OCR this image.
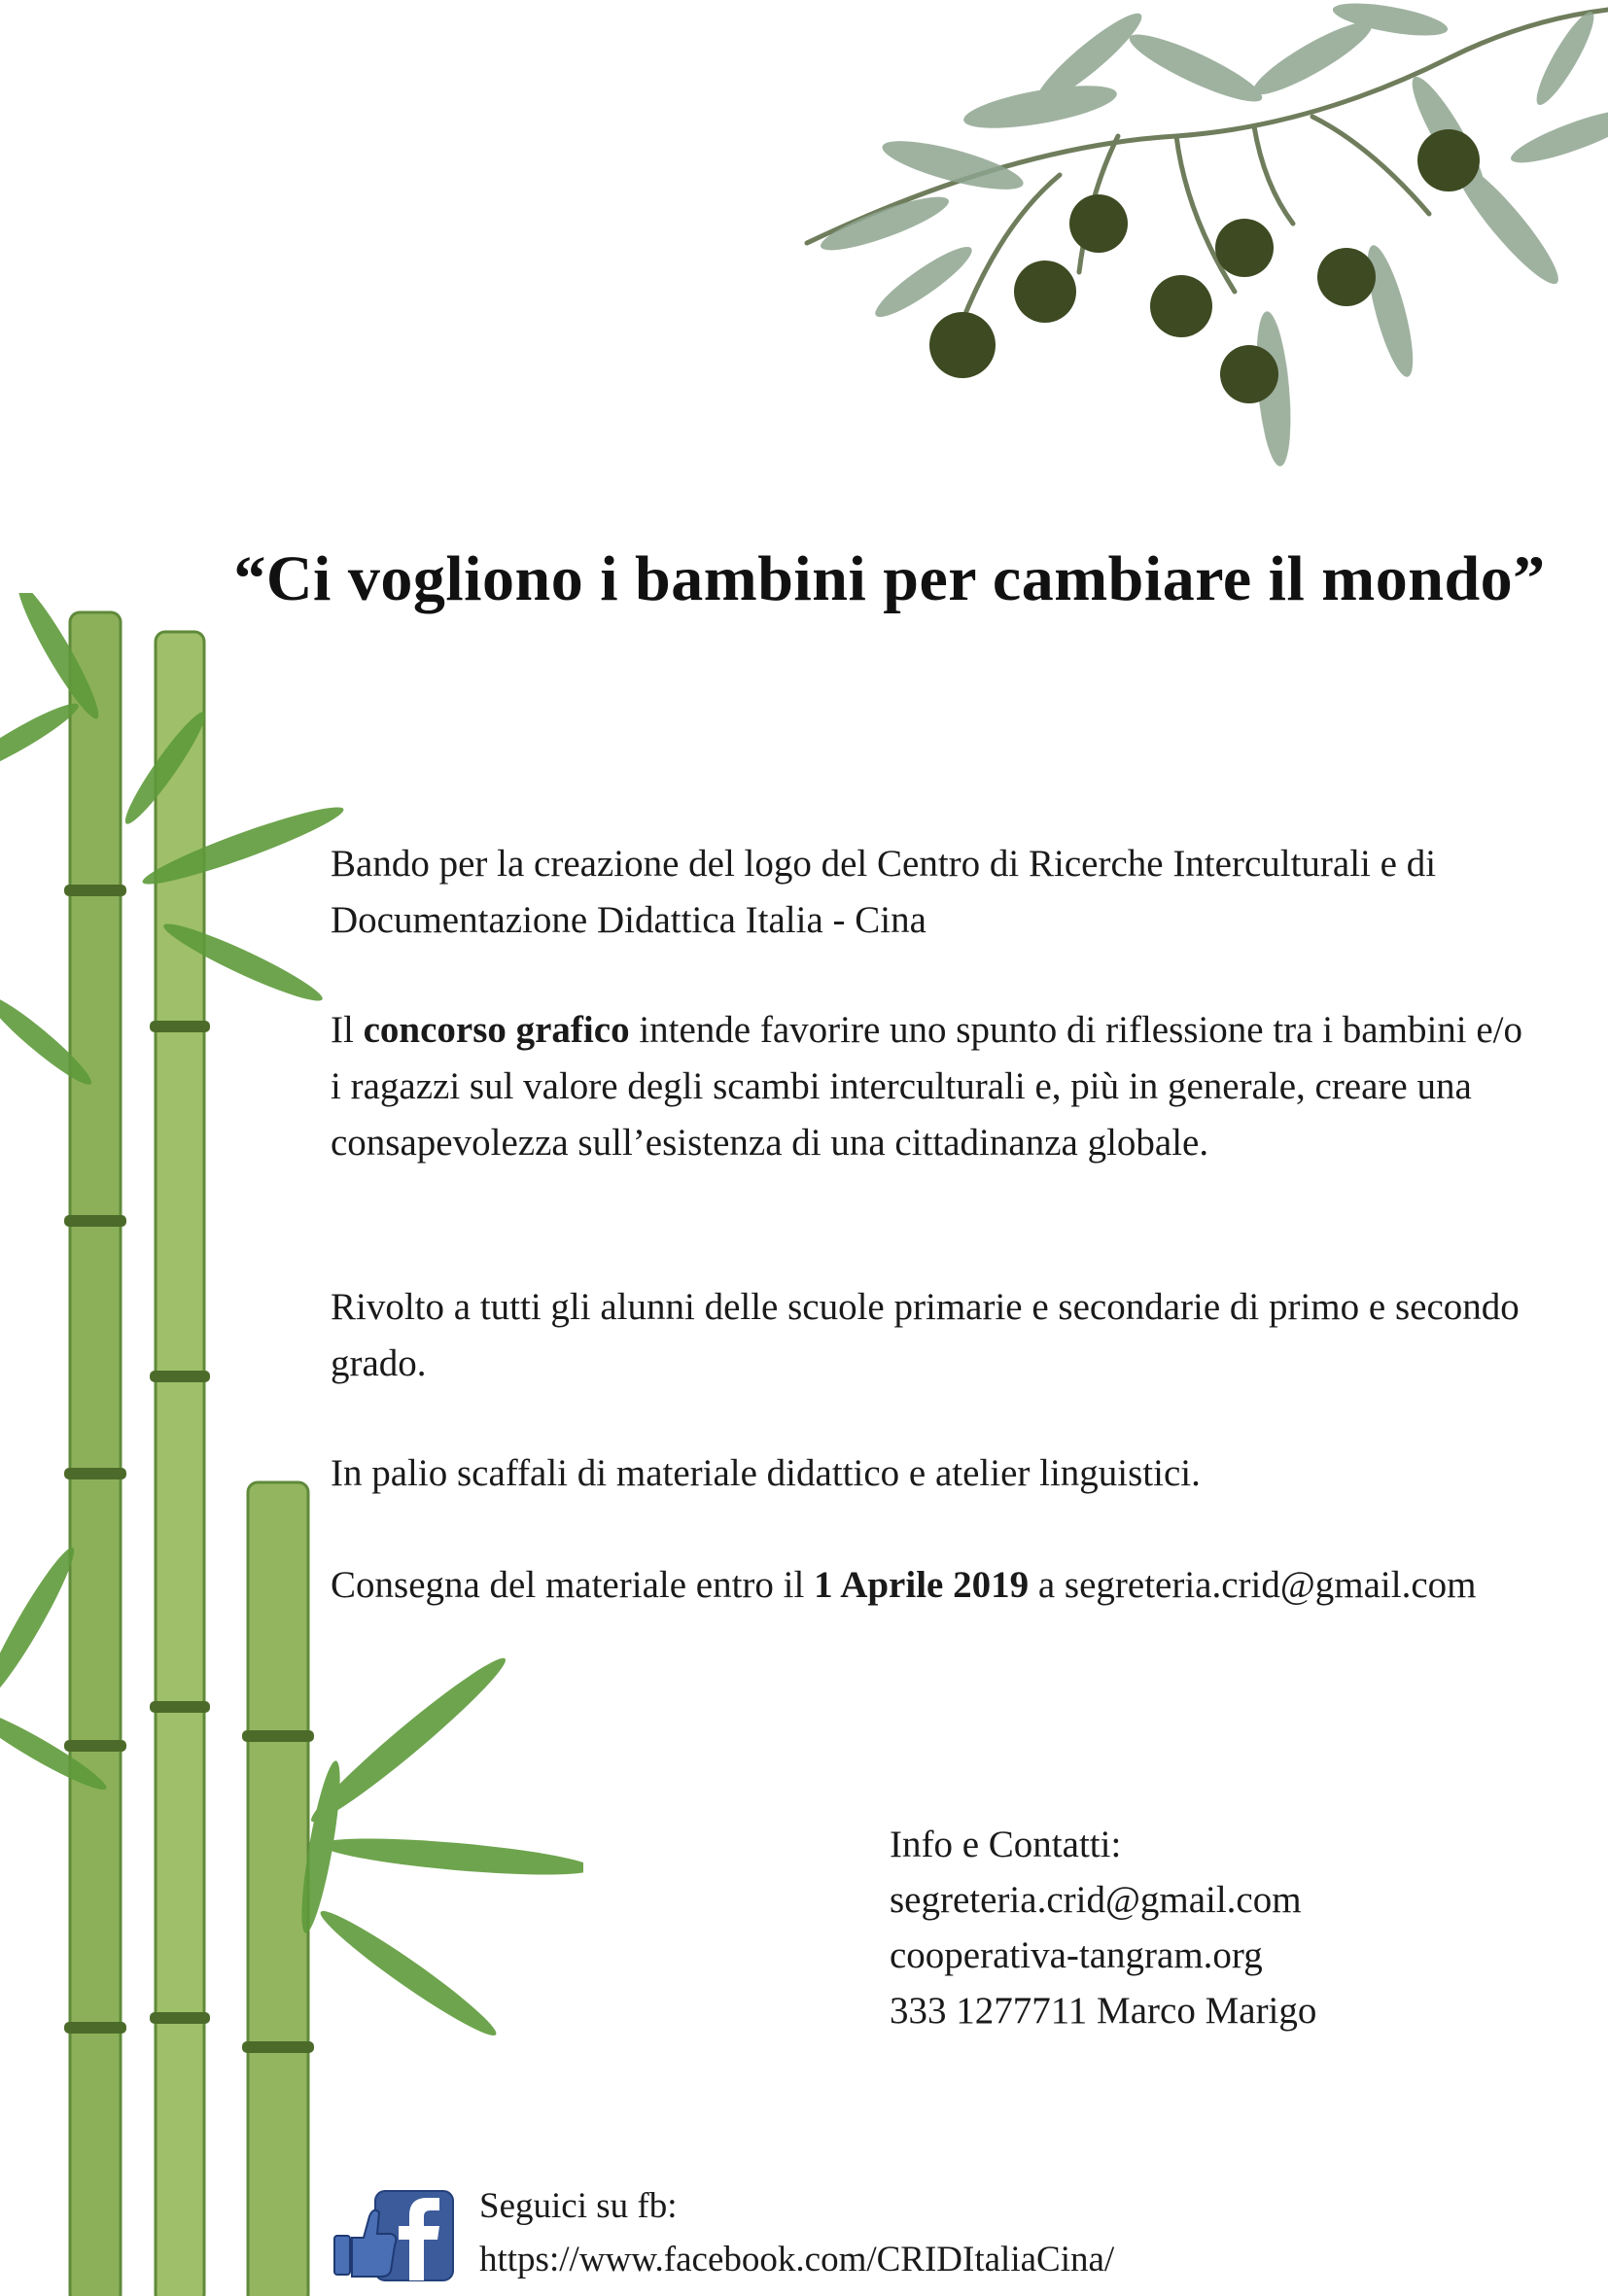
“Ci vogliono i bambini per cambiare il mondo”
Bando per la creazione del logo del Centro di Ricerche Interculturali e di Documentazione Didattica Italia - Cina
Il concorso grafico intende favorire uno spunto di riflessione tra i bambini e/o i ragazzi sul valore degli scambi interculturali e, più in generale, creare una consapevolezza sull’esistenza di una cittadinanza globale.
Rivolto a tutti gli alunni delle scuole primarie e secondarie di primo e secondo grado.
In palio scaffali di materiale didattico e atelier linguistici.
Consegna del materiale entro il 1 Aprile 2019 a segreteria.crid@gmail.com
Info e Contatti:
segreteria.crid@gmail.com
cooperativa-tangram.org
333 1277711 Marco Marigo
Seguici su fb:
https://www.facebook.com/CRIDItaliaCina/
